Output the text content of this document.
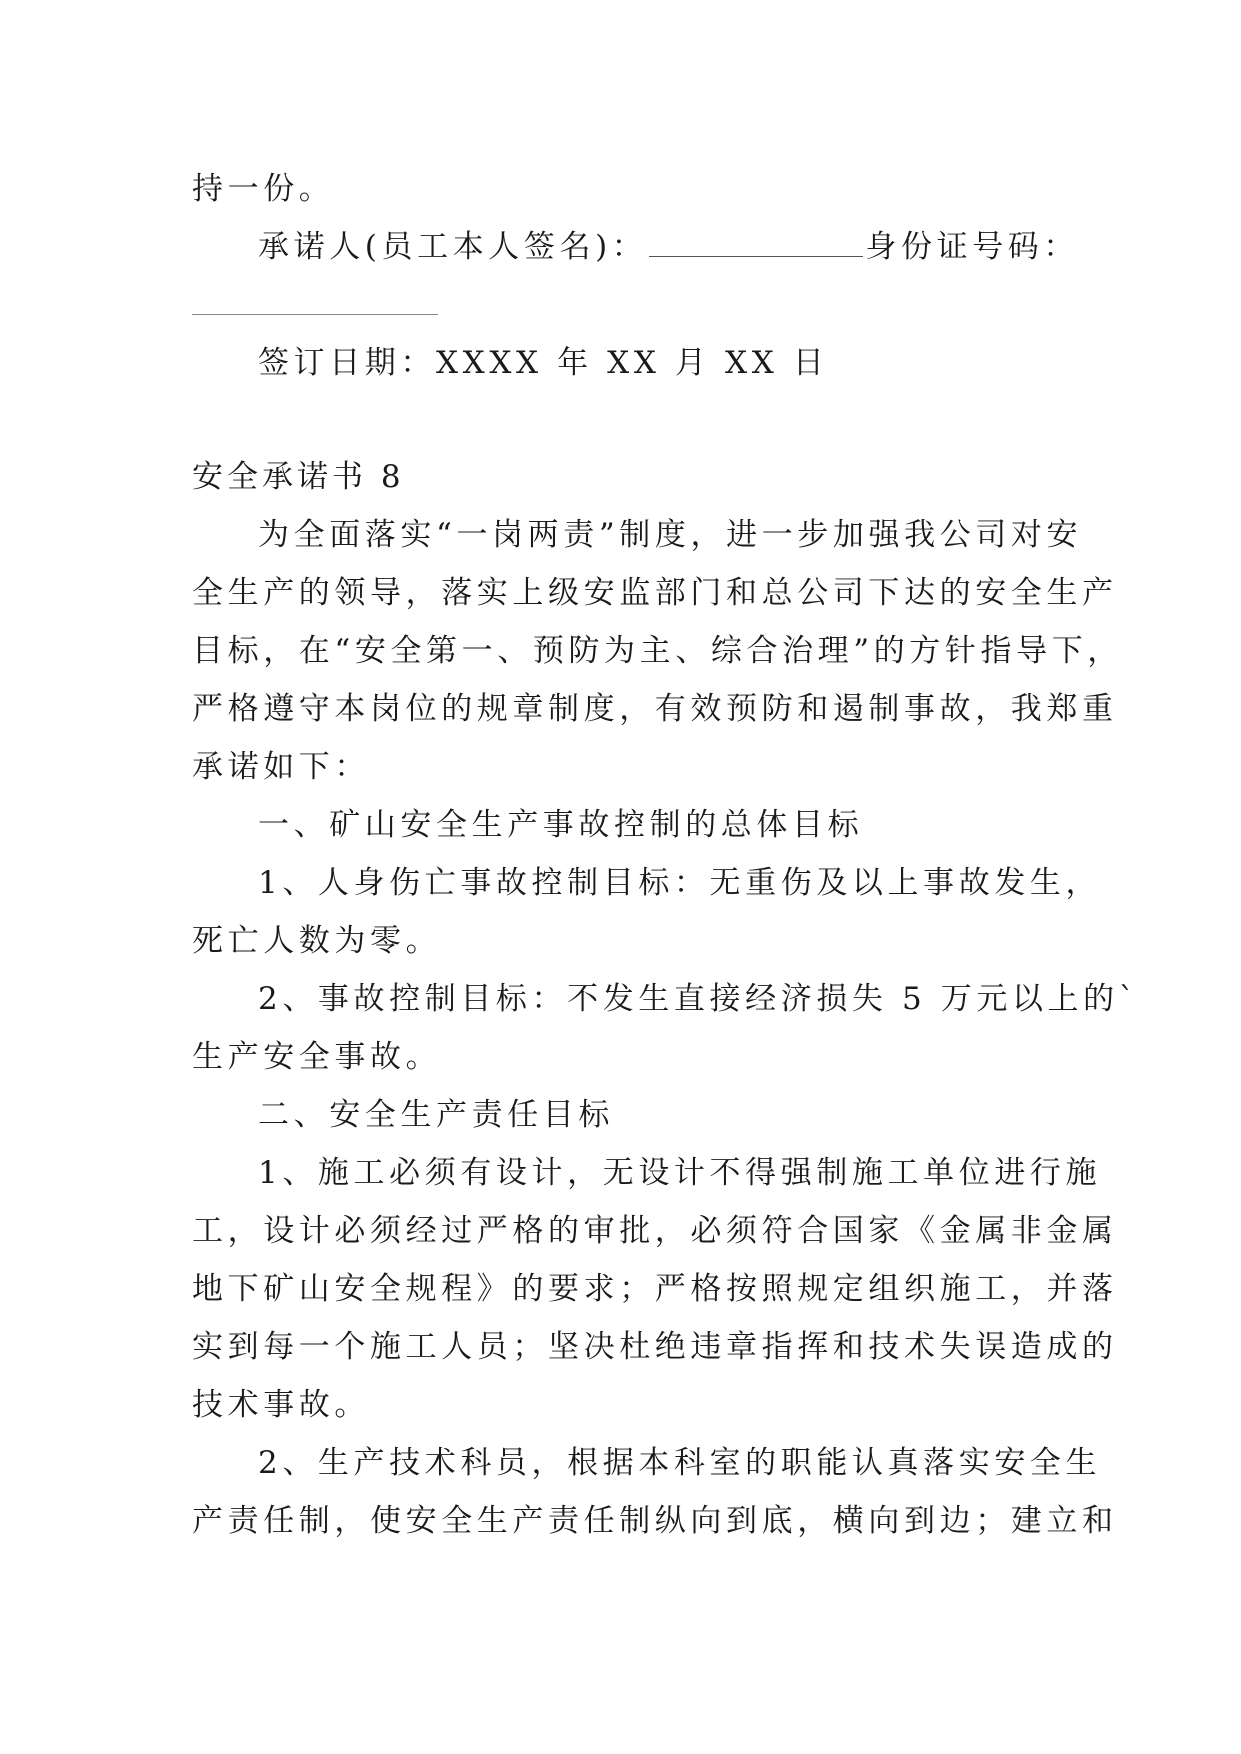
持一份。
承诺人(员工本人签名)：	身份证号码：
签订日期：XXXX 年 XX 月 XX 日
安全承诺书 8
为全面落实“一岗两责”制度，进一步加强我公司对安
全生产的领导，落实上级安监部门和总公司下达的安全生产
目标，在“安全第一、预防为主、综合治理”的方针指导下，
严格遵守本岗位的规章制度，有效预防和遏制事故，我郑重
承诺如下：
一、矿山安全生产事故控制的总体目标
1、人身伤亡事故控制目标：无重伤及以上事故发生，
死亡人数为零。
2、事故控制目标：不发生直接经济损失 5 万元以上的`
生产安全事故。
二、安全生产责任目标
1、施工必须有设计，无设计不得强制施工单位进行施
工，设计必须经过严格的审批，必须符合国家《金属非金属
地下矿山安全规程》的要求；严格按照规定组织施工，并落
实到每一个施工人员；坚决杜绝违章指挥和技术失误造成的
技术事故。
2、生产技术科员，根据本科室的职能认真落实安全生
产责任制，使安全生产责任制纵向到底，横向到边；建立和
